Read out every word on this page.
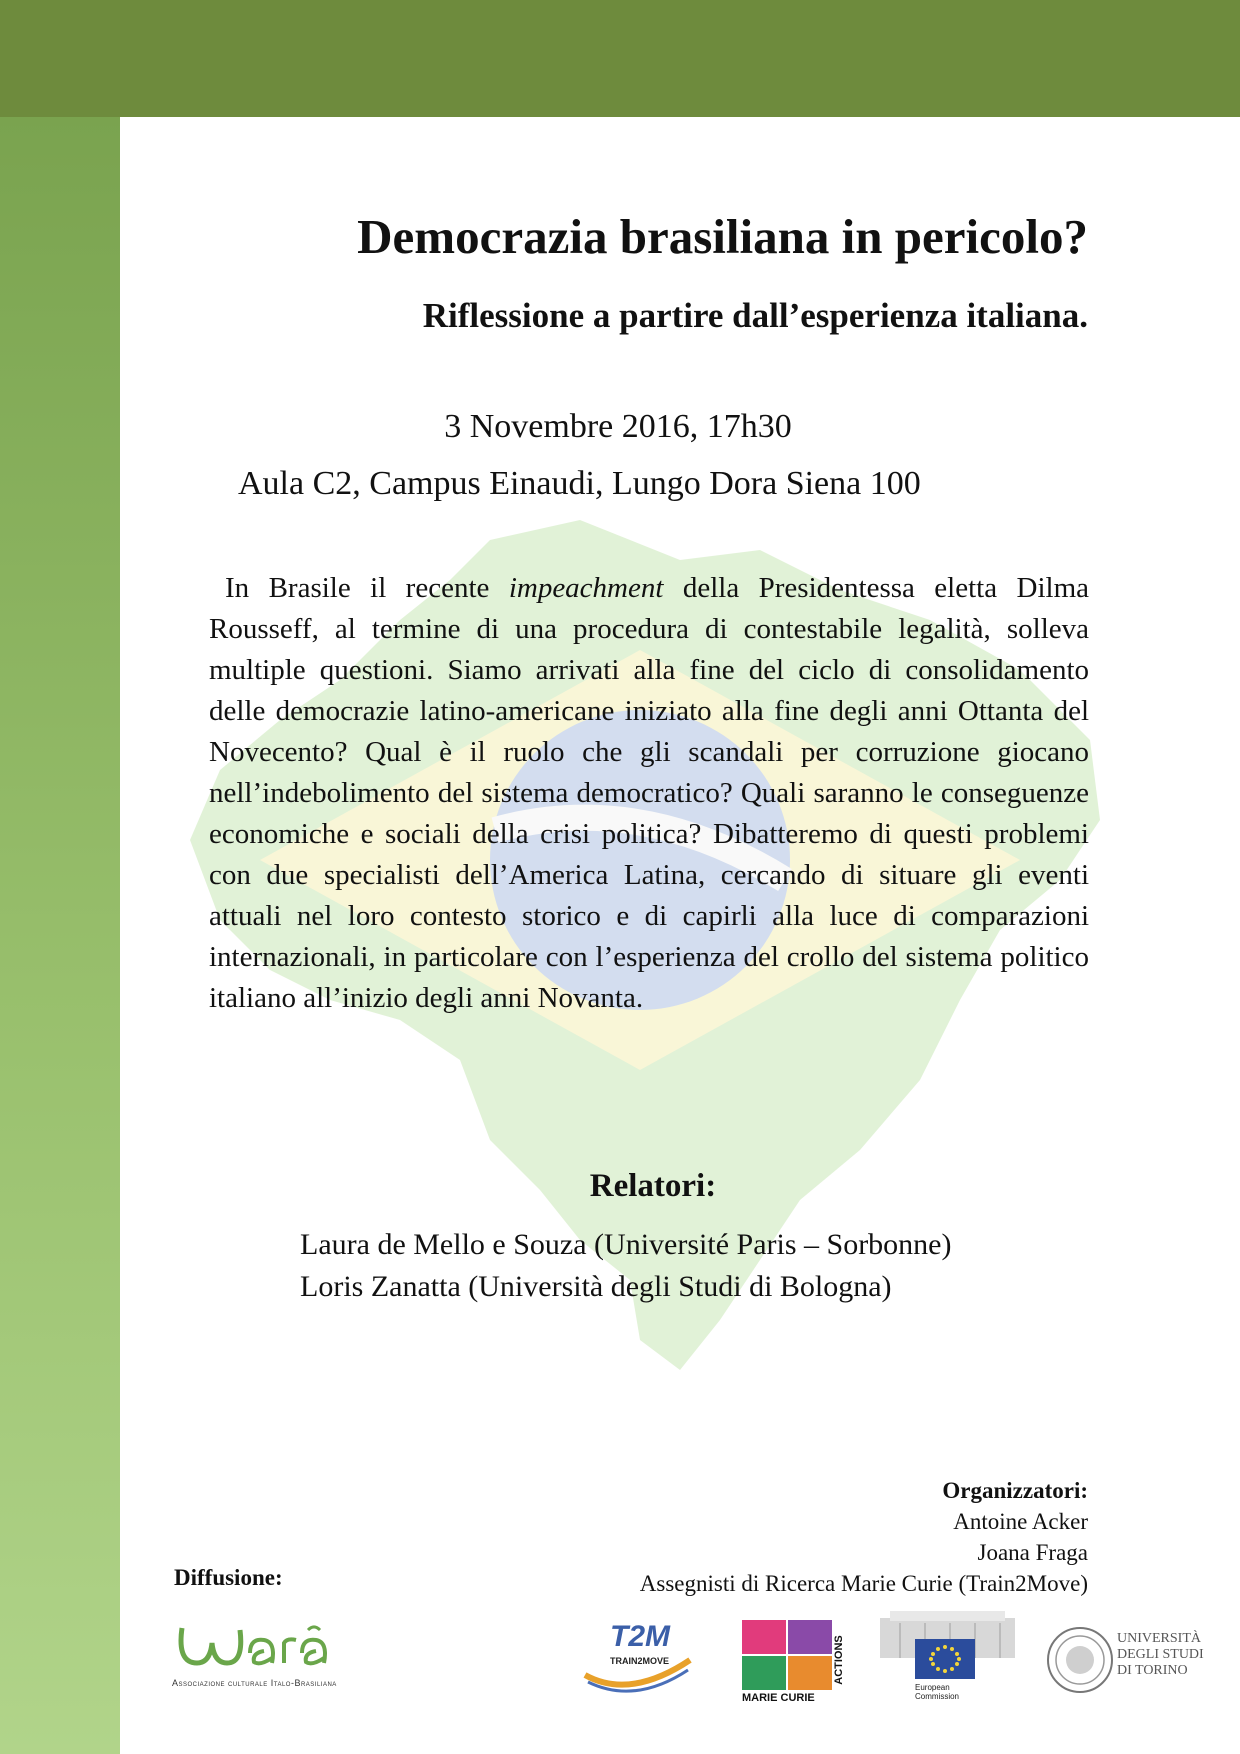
Democrazia brasiliana in pericolo?
Riflessione a partire dall’esperienza italiana.
3 Novembre 2016, 17h30
Aula C2, Campus Einaudi, Lungo Dora Siena 100

In Brasile il recente impeachment della Presidentessa eletta Dilma Rousseff, al termine di una procedura di contestabile legalità, solleva multiple questioni. Siamo arrivati alla fine del ciclo di consolidamento delle democrazie latino-americane iniziato alla fine degli anni Ottanta del Novecento? Qual è il ruolo che gli scandali per corruzione giocano nell’indebolimento del sistema democratico? Quali saranno le conseguenze economiche e sociali della crisi politica? Dibatteremo di questi problemi con due specialisti dell’America Latina, cercando di situare gli eventi attuali nel loro contesto storico e di capirli alla luce di comparazioni internazionali, in particolare con l’esperienza del crollo del sistema politico italiano all’inizio degli anni Novanta.

Relatori:
Laura de Mello e Souza (Université Paris – Sorbonne)
Loris Zanatta (Università degli Studi di Bologna)
Organizzatori:
Antoine Acker
Joana Fraga
Assegnisti di Ricerca Marie Curie (Train2Move)
Diffusione:
Associazione culturale Italo-Brasiliana
T2M
TRAIN2MOVE
MARIE CURIE
ACTIONS
European
Commission
UNIVERSITÀ
DEGLI STUDI
DI TORINO
